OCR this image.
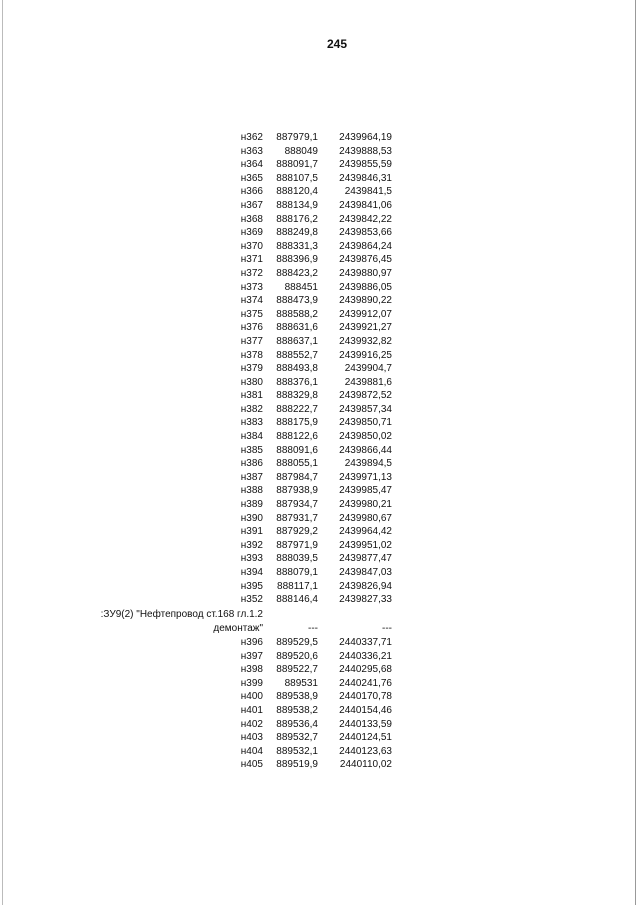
245
н362	887979,1	2439964,19
н363	888049	2439888,53
н364	888091,7	2439855,59
н365	888107,5	2439846,31
н366	888120,4	2439841,5
н367	888134,9	2439841,06
н368	888176,2	2439842,22
н369	888249,8	2439853,66
н370	888331,3	2439864,24
н371	888396,9	2439876,45
н372	888423,2	2439880,97
н373	888451	2439886,05
н374	888473,9	2439890,22
н375	888588,2	2439912,07
н376	888631,6	2439921,27
н377	888637,1	2439932,82
н378	888552,7	2439916,25
н379	888493,8	2439904,7
н380	888376,1	2439881,6
н381	888329,8	2439872,52
н382	888222,7	2439857,34
н383	888175,9	2439850,71
н384	888122,6	2439850,02
н385	888091,6	2439866,44
н386	888055,1	2439894,5
н387	887984,7	2439971,13
н388	887938,9	2439985,47
н389	887934,7	2439980,21
н390	887931,7	2439980,67
н391	887929,2	2439964,42
н392	887971,9	2439951,02
н393	888039,5	2439877,47
н394	888079,1	2439847,03
н395	888117,1	2439826,94
н352	888146,4	2439827,33
:ЗУ9(2) "Нефтепровод ст.168 гл.1.2
демонтаж"	---	---
н396	889529,5	2440337,71
н397	889520,6	2440336,21
н398	889522,7	2440295,68
н399	889531	2440241,76
н400	889538,9	2440170,78
н401	889538,2	2440154,46
н402	889536,4	2440133,59
н403	889532,7	2440124,51
н404	889532,1	2440123,63
н405	889519,9	2440110,02
